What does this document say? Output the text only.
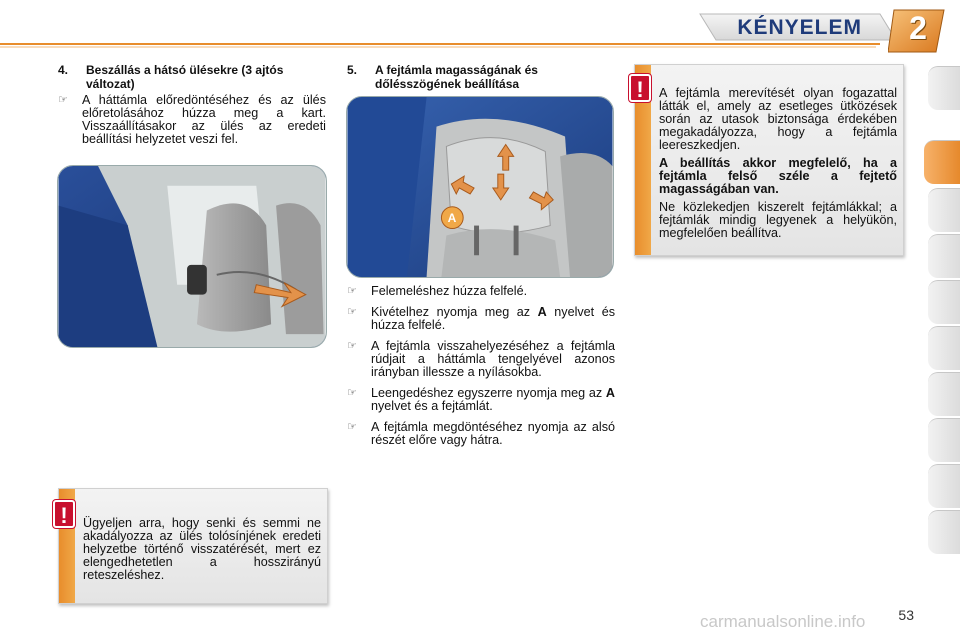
KÉNYELEM 2
4. Beszállás a hátsó ülésekre (3 ajtós változat)
☞ A háttámla előredöntéséhez és az ülés előretolásához húzza meg a kart. Visszaállításakor az ülés az eredeti beállítási helyzetet veszi fel.
5. A fejtámla magasságának és dőlésszögének beállítása
A
☞ Felemeléshez húzza felfelé.
☞ Kivételhez nyomja meg az A nyelvet és húzza felfelé.
☞ A fejtámla visszahelyezéséhez a fejtámla rúdjait a háttámla tengelyével azonos irányban illessze a nyílásokba.
☞ Leengedéshez egyszerre nyomja meg az A nyelvet és a fejtámlát.
☞ A fejtámla megdöntéséhez nyomja az alsó részét előre vagy hátra.
Ügyeljen arra, hogy senki és semmi ne akadályozza az ülés tolósínjének eredeti helyzetbe történő visszatérését, mert ez elengedhetetlen a hosszirányú reteszeléshez.
!

A fejtámla merevítését olyan fogazattal látták el, amely az esetleges ütközések során az utasok biztonsága érdekében megakadályozza, hogy a fejtámla leereszkedjen.

A beállítás akkor megfelelő, ha a fejtámla felső széle a fejtető magasságában van.

Ne közlekedjen kiszerelt fejtámlákkal; a fejtámlák mindig legyenek a helyükön, megfelelően beállítva.

!
53
carmanualsonline.info
